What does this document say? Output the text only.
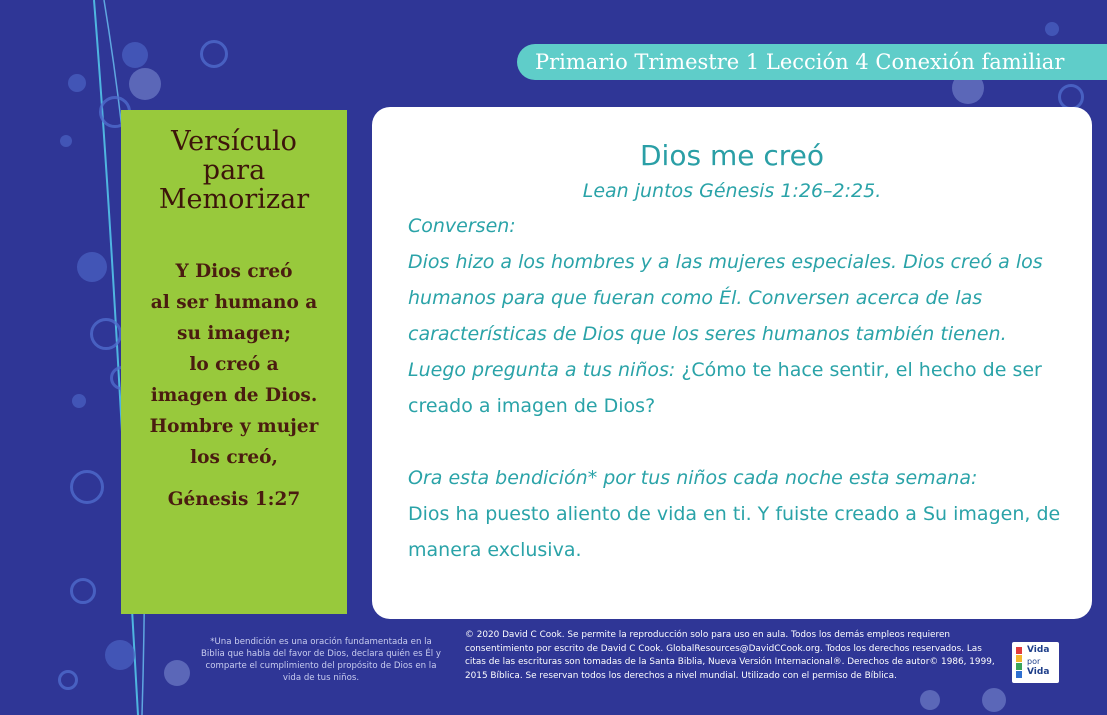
Primario Trimestre 1 Lección 4 Conexión familiar
Versículo
para
Memorizar
Y Dios creó
al ser humano a
su imagen;
lo creó a
imagen de Dios.
Hombre y mujer
los creó,
Génesis 1:27
Dios me creó
Lean juntos Génesis 1:26–2:25.
Conversen:
Dios hizo a los hombres y a las mujeres especiales. Dios creó a los humanos para que fueran como Él. Conversen acerca de las características de Dios que los seres humanos también tienen.
Luego pregunta a tus niños: ¿Cómo te hace sentir, el hecho de ser creado a imagen de Dios?
Ora esta bendición* por tus niños cada noche esta semana:
Dios ha puesto aliento de vida en ti. Y fuiste creado a Su imagen, de manera exclusiva.
*Una bendición es una oración fundamentada en la Biblia que habla del favor de Dios, declara quién es Él y comparte el cumplimiento del propósito de Dios en la vida de tus niños.
© 2020 David C Cook. Se permite la reproducción solo para uso en aula. Todos los demás empleos requieren consentimiento por escrito de David C Cook. GlobalResources@DavidCCook.org. Todos los derechos reservados. Las citas de las escrituras son tomadas de la Santa Biblia, Nueva Versión Internacional®. Derechos de autor© 1986, 1999, 2015 Bíblica. Se reservan todos los derechos a nivel mundial. Utilizado con el permiso de Bíblica.
Vida
por
Vida
